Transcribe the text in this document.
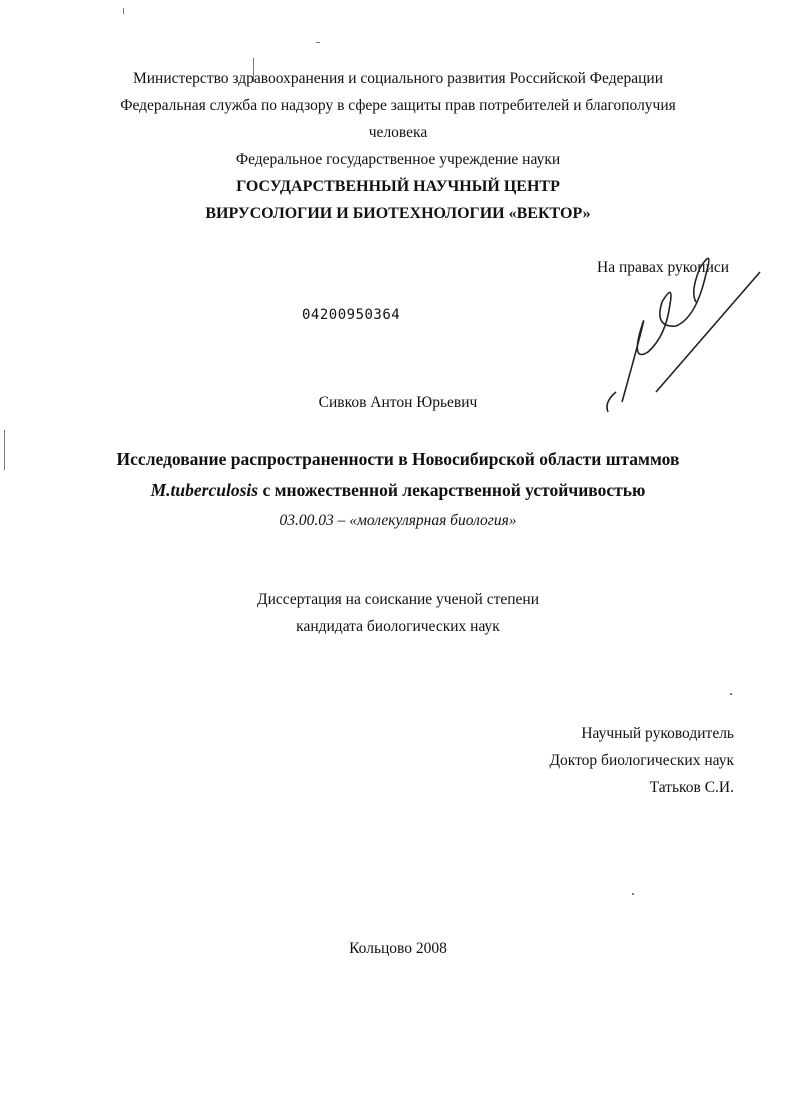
Министерство здравоохранения и социального развития Российской Федерации
Федеральная служба по надзору в сфере защиты прав потребителей и благополучия
человека
Федеральное государственное учреждение науки
ГОСУДАРСТВЕННЫЙ НАУЧНЫЙ ЦЕНТР
ВИРУСОЛОГИИ И БИОТЕХНОЛОГИИ «ВЕКТОР»
На правах рукописи
04200950364
Сивков Антон Юрьевич
Исследование распространенности в Новосибирской области штаммов
M.tuberculosis с множественной лекарственной устойчивостью
03.00.03 – «молекулярная биология»
Диссертация на соискание ученой степени
кандидата биологических наук
Научный руководитель
Доктор биологических наук
Татьков С.И.
Кольцово 2008
